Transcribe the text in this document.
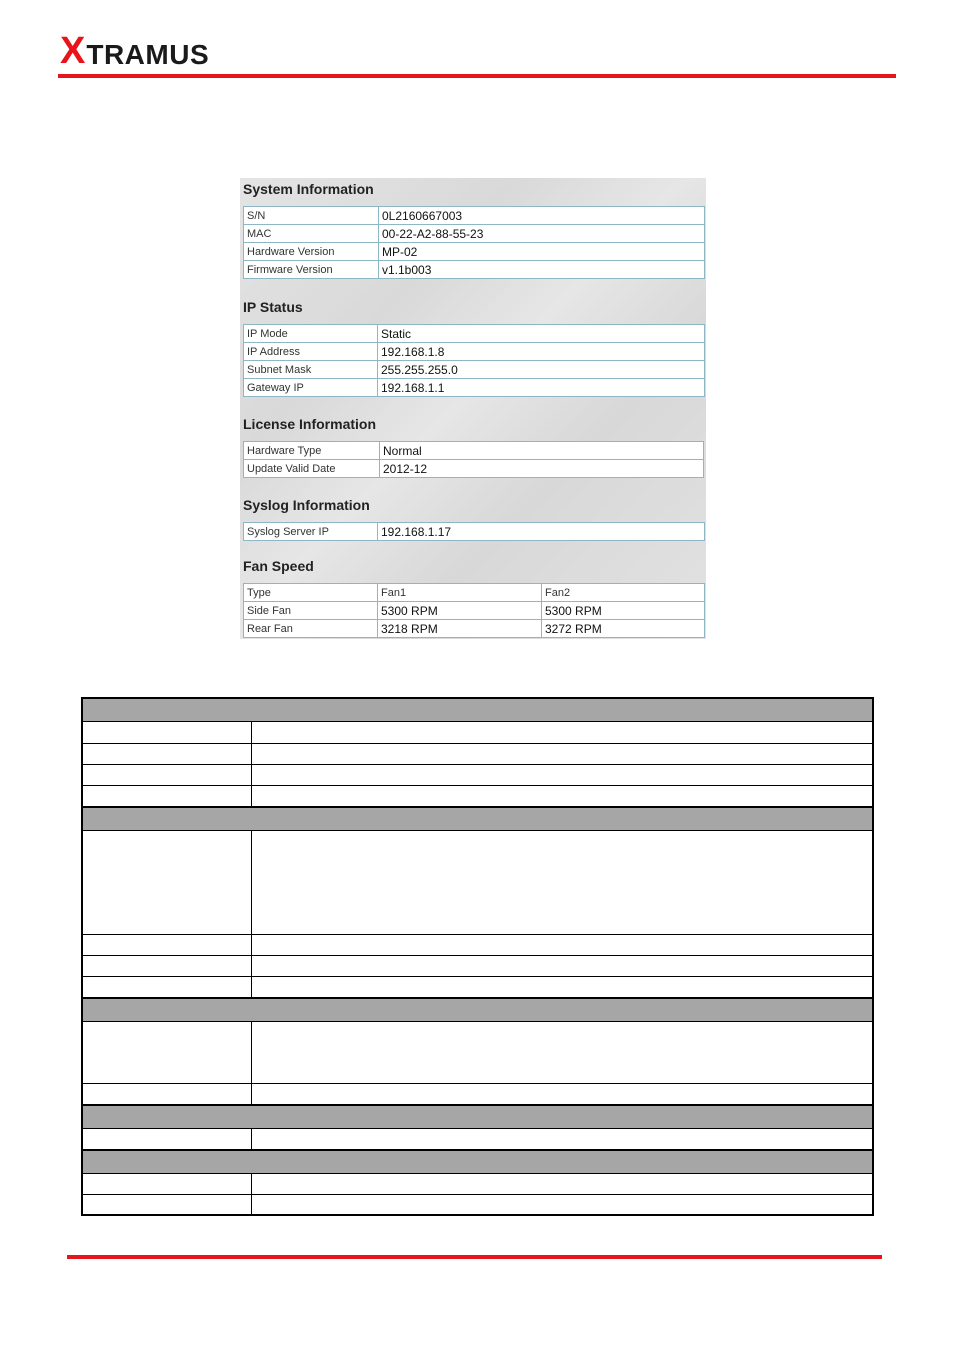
X TRAMUS
System Information
S/N	0L2160667003
MAC	00-22-A2-88-55-23
Hardware Version	MP-02
Firmware Version	v1.1b003
IP Status
IP Mode	Static
IP Address	192.168.1.8
Subnet Mask	255.255.255.0
Gateway IP	192.168.1.1
License Information
Hardware Type	Normal
Update Valid Date	2012-12
Syslog Information
Syslog Server IP	192.168.1.17
Fan Speed
Type	Fan1	Fan2
Side Fan	5300 RPM	5300 RPM
Rear Fan	3218 RPM	3272 RPM
